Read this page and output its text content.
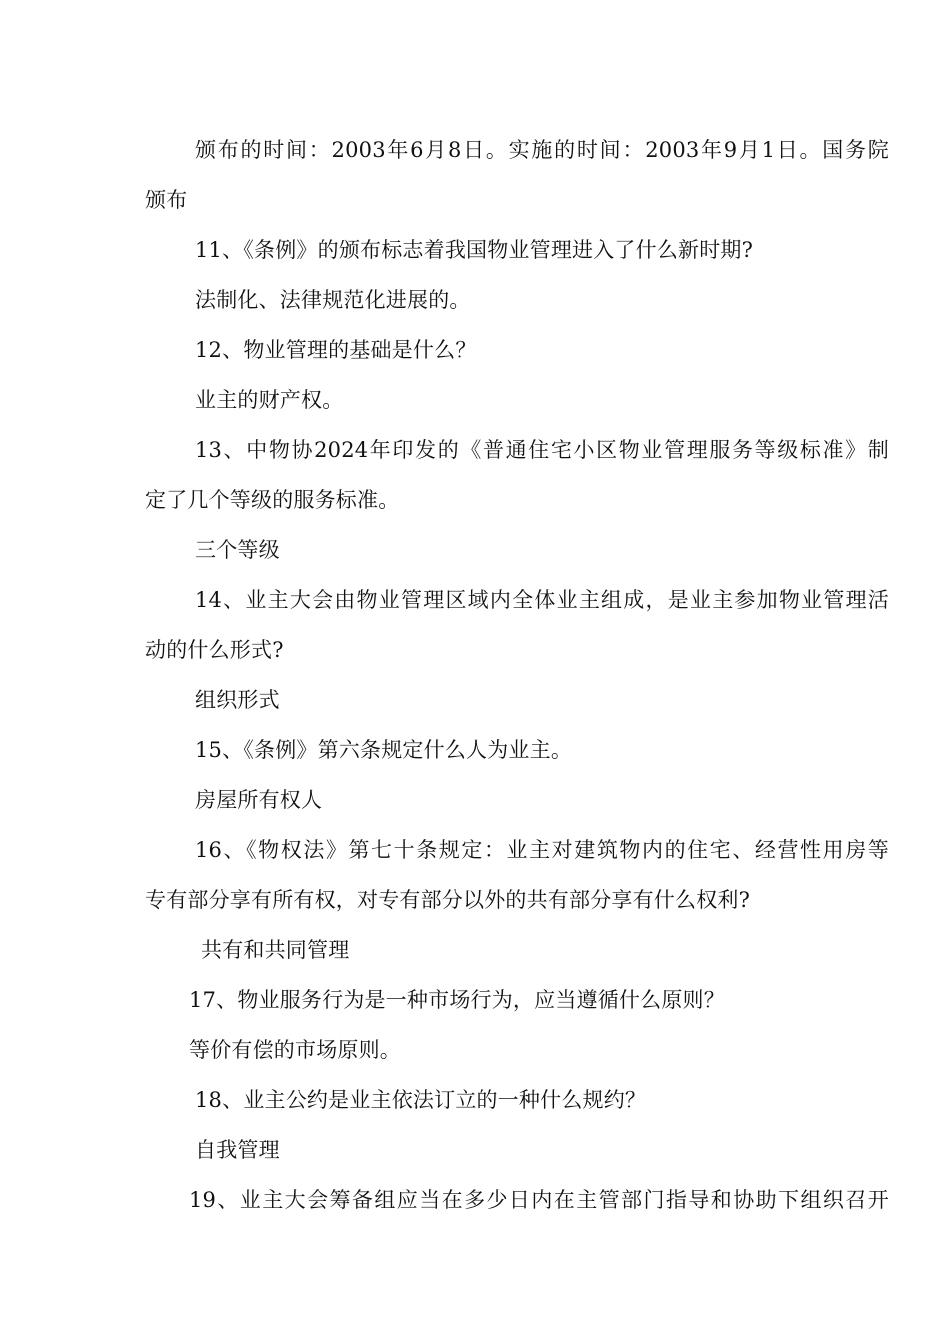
颁布的时间：2003年6月8日。实施的时间：2003年9月1日。国务院
颁布
11、《条例》的颁布标志着我国物业管理进入了什么新时期?
法制化、法律规范化进展的。
12、物业管理的基础是什么？
业主的财产权。
13、中物协2024年印发的《普通住宅小区物业管理服务等级标准》制
定了几个等级的服务标准。
三个等级
14、业主大会由物业管理区域内全体业主组成，是业主参加物业管理活
动的什么形式?
组织形式
15、《条例》第六条规定什么人为业主。
房屋所有权人
16、《物权法》第七十条规定：业主对建筑物内的住宅、经营性用房等
专有部分享有所有权，对专有部分以外的共有部分享有什么权利?
共有和共同管理
17、物业服务行为是一种市场行为，应当遵循什么原则？
等价有偿的市场原则。
18、业主公约是业主依法订立的一种什么规约？
自我管理
19、业主大会筹备组应当在多少日内在主管部门指导和协助下组织召开
